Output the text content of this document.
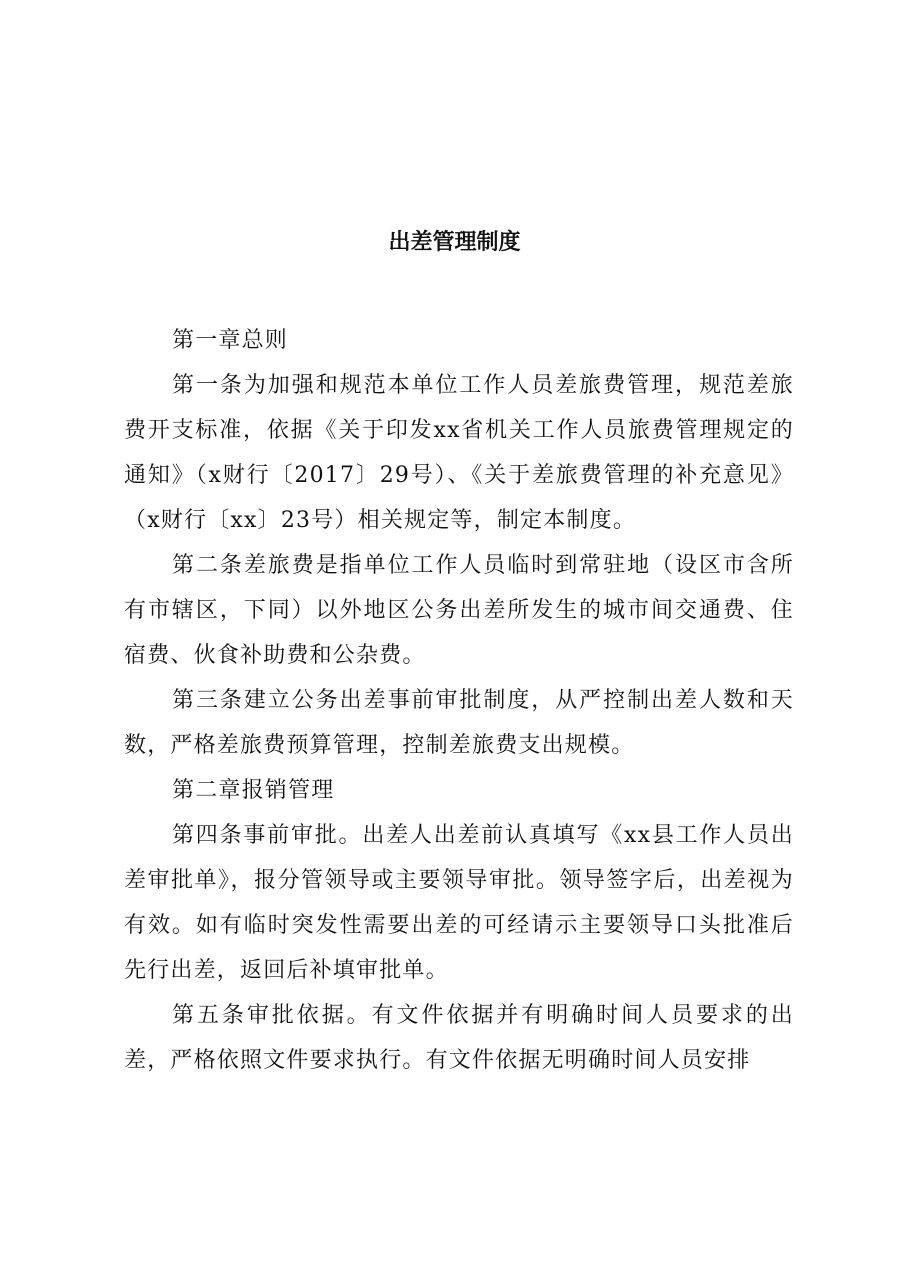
出差管理制度

第一章总则

第一条为加强和规范本单位工作人员差旅费管理，规范差旅费开支标准，依据《关于印发xx省机关工作人员旅费管理规定的通知》（x财行〔2017〕29号）、《关于差旅费管理的补充意见》（x财行〔xx〕23号）相关规定等，制定本制度。

第二条差旅费是指单位工作人员临时到常驻地（设区市含所有市辖区，下同）以外地区公务出差所发生的城市间交通费、住宿费、伙食补助费和公杂费。

第三条建立公务出差事前审批制度，从严控制出差人数和天数，严格差旅费预算管理，控制差旅费支出规模。

第二章报销管理

第四条事前审批。出差人出差前认真填写《xx县工作人员出差审批单》，报分管领导或主要领导审批。领导签字后，出差视为有效。如有临时突发性需要出差的可经请示主要领导口头批准后先行出差，返回后补填审批单。

第五条审批依据。有文件依据并有明确时间人员要求的出差，严格依照文件要求执行。有文件依据无明确时间人员安排
